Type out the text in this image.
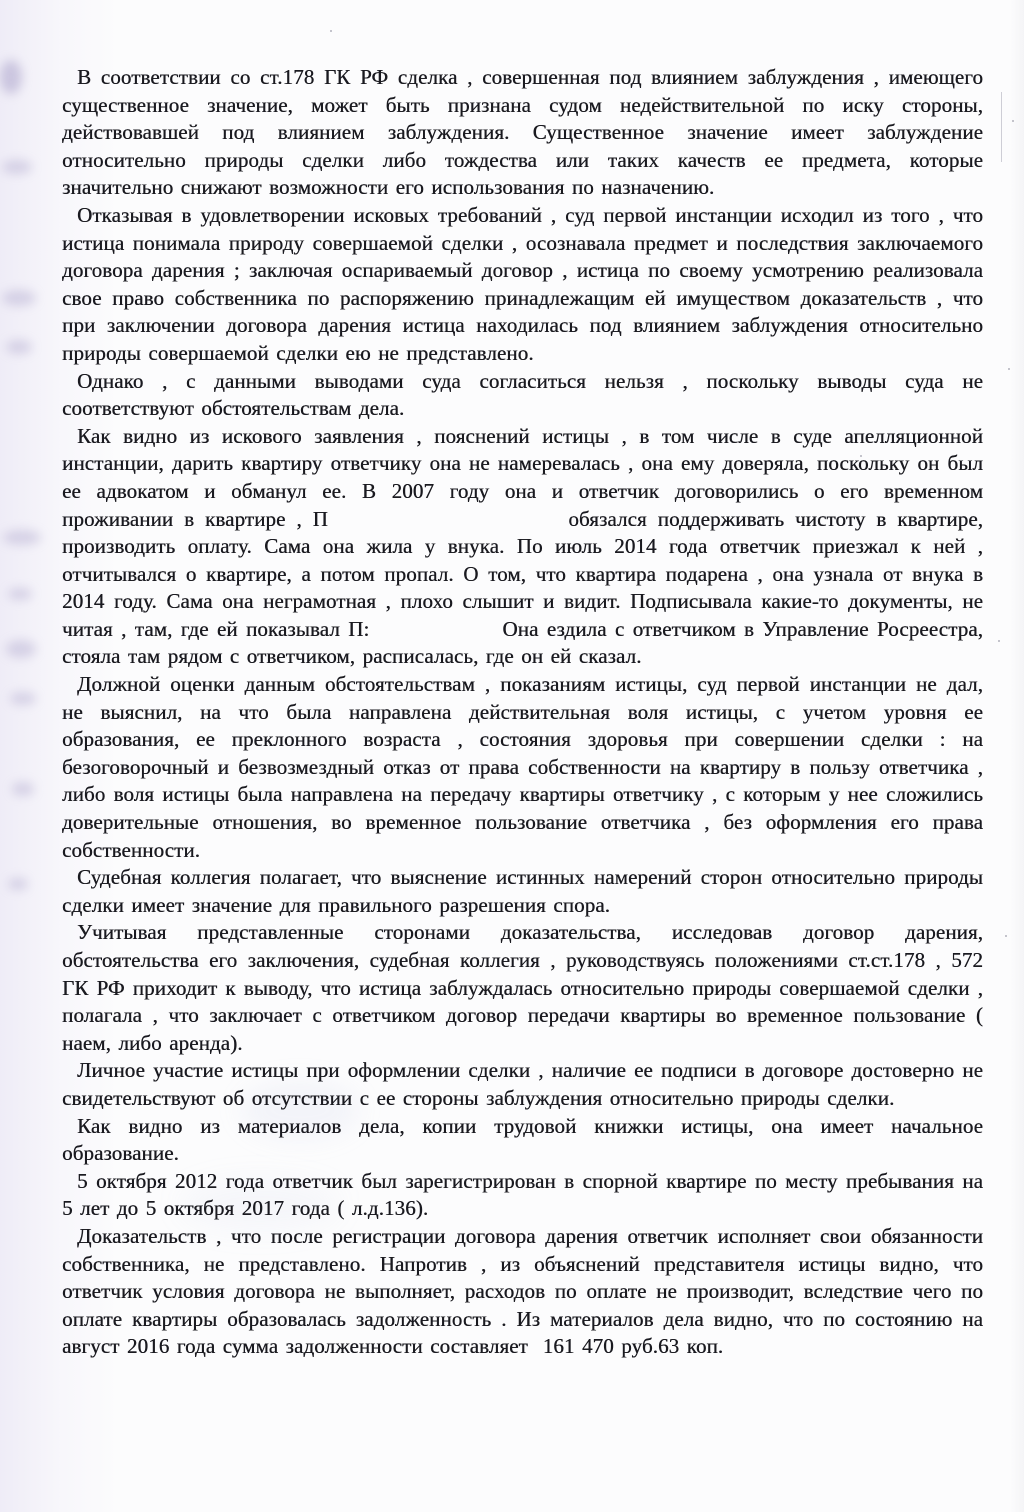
В соответствии со ст.178 ГК РФ сделка , совершенная под влиянием заблуждения , имеющего существенное значение, может быть признана судом недействительной по иску стороны, действовавшей под влиянием заблуждения. Существенное значение имеет заблуждение относительно природы сделки либо тождества или таких качеств ее предмета, которые значительно снижают возможности его использования по назначению.

Отказывая в удовлетворении исковых требований , суд первой инстанции исходил из того , что истица понимала природу совершаемой сделки , осознавала предмет и последствия заключаемого договора дарения ; заключая оспариваемый договор , истица по своему усмотрению реализовала свое право собственника по распоряжению принадлежащим ей имуществом доказательств , что при заключении договора дарения истица находилась под влиянием заблуждения относительно природы совершаемой сделки ею не представлено.

Однако , с данными выводами суда согласиться нельзя , поскольку выводы суда не соответствуют обстоятельствам дела.

Как видно из искового заявления , пояснений истицы , в том числе в суде апелляционной инстанции, дарить квартиру ответчику она не намеревалась , она ему доверяла, поскольку он был ее адвокатом и обманул ее. В 2007 году она и ответчик договорились о его временном проживании в квартире , П                      обязался поддерживать чистоту в квартире, производить оплату. Сама она жила у внука. По июль 2014 года ответчик приезжал к ней , отчитывался о квартире, а потом пропал. О том, что квартира подарена , она узнала от внука в 2014 году. Сама она неграмотная , плохо слышит и видит. Подписывала какие-то документы, не читая , там, где ей показывал П:                Она ездила с ответчиком в Управление Росреестра, стояла там рядом с ответчиком, расписалась, где он ей сказал.

Должной оценки данным обстоятельствам , показаниям истицы, суд первой инстанции не дал, не выяснил, на что была направлена действительная воля истицы, с учетом уровня ее образования, ее преклонного возраста , состояния здоровья при совершении сделки : на безоговорочный и безвозмездный отказ от права собственности на квартиру в пользу ответчика , либо воля истицы была направлена на передачу квартиры ответчику , с которым у нее сложились доверительные отношения, во временное пользование ответчика , без оформления его права собственности.

Судебная коллегия полагает, что выяснение истинных намерений сторон относительно природы сделки имеет значение для правильного разрешения спора.

Учитывая представленные сторонами доказательства, исследовав договор дарения, обстоятельства его заключения, судебная коллегия , руководствуясь положениями ст.ст.178 , 572 ГК РФ приходит к выводу, что истица заблуждалась относительно природы совершаемой сделки , полагала , что заключает с ответчиком договор передачи квартиры во временное пользование ( наем, либо аренда).

Личное участие истицы при оформлении сделки , наличие ее подписи в договоре достоверно не свидетельствуют об отсутствии с ее стороны заблуждения относительно природы сделки.

Как видно из материалов дела, копии трудовой книжки истицы, она имеет начальное образование.

5 октября 2012 года ответчик был зарегистрирован в спорной квартире по месту пребывания на 5 лет до 5 октября 2017 года ( л.д.136).

Доказательств , что после регистрации договора дарения ответчик исполняет свои обязанности собственника, не представлено. Напротив , из объяснений представителя истицы видно, что ответчик условия договора не выполняет, расходов по оплате не производит, вследствие чего по оплате квартиры образовалась задолженность . Из материалов дела видно, что по состоянию на август 2016 года сумма задолженности составляет  161 470 руб.63 коп.
